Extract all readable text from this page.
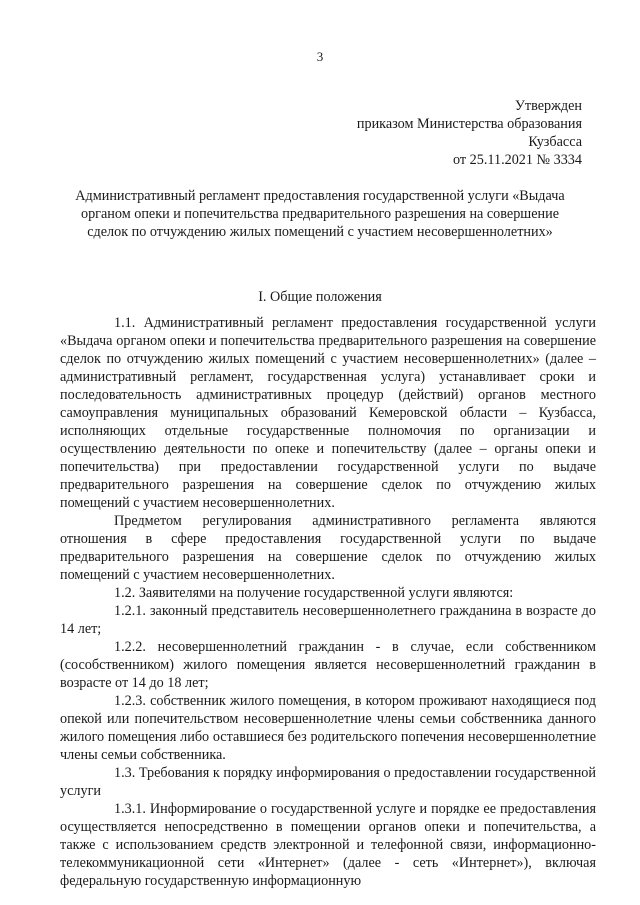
3
Утвержден
приказом Министерства образования
Кузбасса
от 25.11.2021 № 3334
Административный регламент предоставления государственной услуги «Выдача органом опеки и попечительства предварительного разрешения на совершение сделок по отчуждению жилых помещений с участием несовершеннолетних»
I. Общие положения

1.1. Административный регламент предоставления государственной услуги «Выдача органом опеки и попечительства предварительного разрешения на совершение сделок по отчуждению жилых помещений с участием несовершеннолетних» (далее – административный регламент, государственная услуга) устанавливает сроки и последовательность административных процедур (действий) органов местного самоуправления муниципальных образований Кемеровской области – Кузбасса, исполняющих отдельные государственные полномочия по организации и осуществлению деятельности по опеке и попечительству (далее – органы опеки и попечительства) при предоставлении государственной услуги по выдаче предварительного разрешения на совершение сделок по отчуждению жилых помещений с участием несовершеннолетних.

Предметом регулирования административного регламента являются отношения в сфере предоставления государственной услуги по выдаче предварительного разрешения на совершение сделок по отчуждению жилых помещений с участием несовершеннолетних.

1.2. Заявителями на получение государственной услуги являются:

1.2.1. законный представитель несовершеннолетнего гражданина в возрасте до 14 лет;

1.2.2. несовершеннолетний гражданин - в случае, если собственником (сособственником) жилого помещения является несовершеннолетний гражданин в возрасте от 14 до 18 лет;

1.2.3. собственник жилого помещения, в котором проживают находящиеся под опекой или попечительством несовершеннолетние члены семьи собственника данного жилого помещения либо оставшиеся без родительского попечения несовершеннолетние члены семьи собственника.

1.3. Требования к порядку информирования о предоставлении государственной услуги

1.3.1. Информирование о государственной услуге и порядке ее предоставления осуществляется непосредственно в помещении органов опеки и попечительства, а также с использованием средств электронной и телефонной связи, информационно-телекоммуникационной сети «Интернет» (далее - сеть «Интернет»), включая федеральную государственную информационную
